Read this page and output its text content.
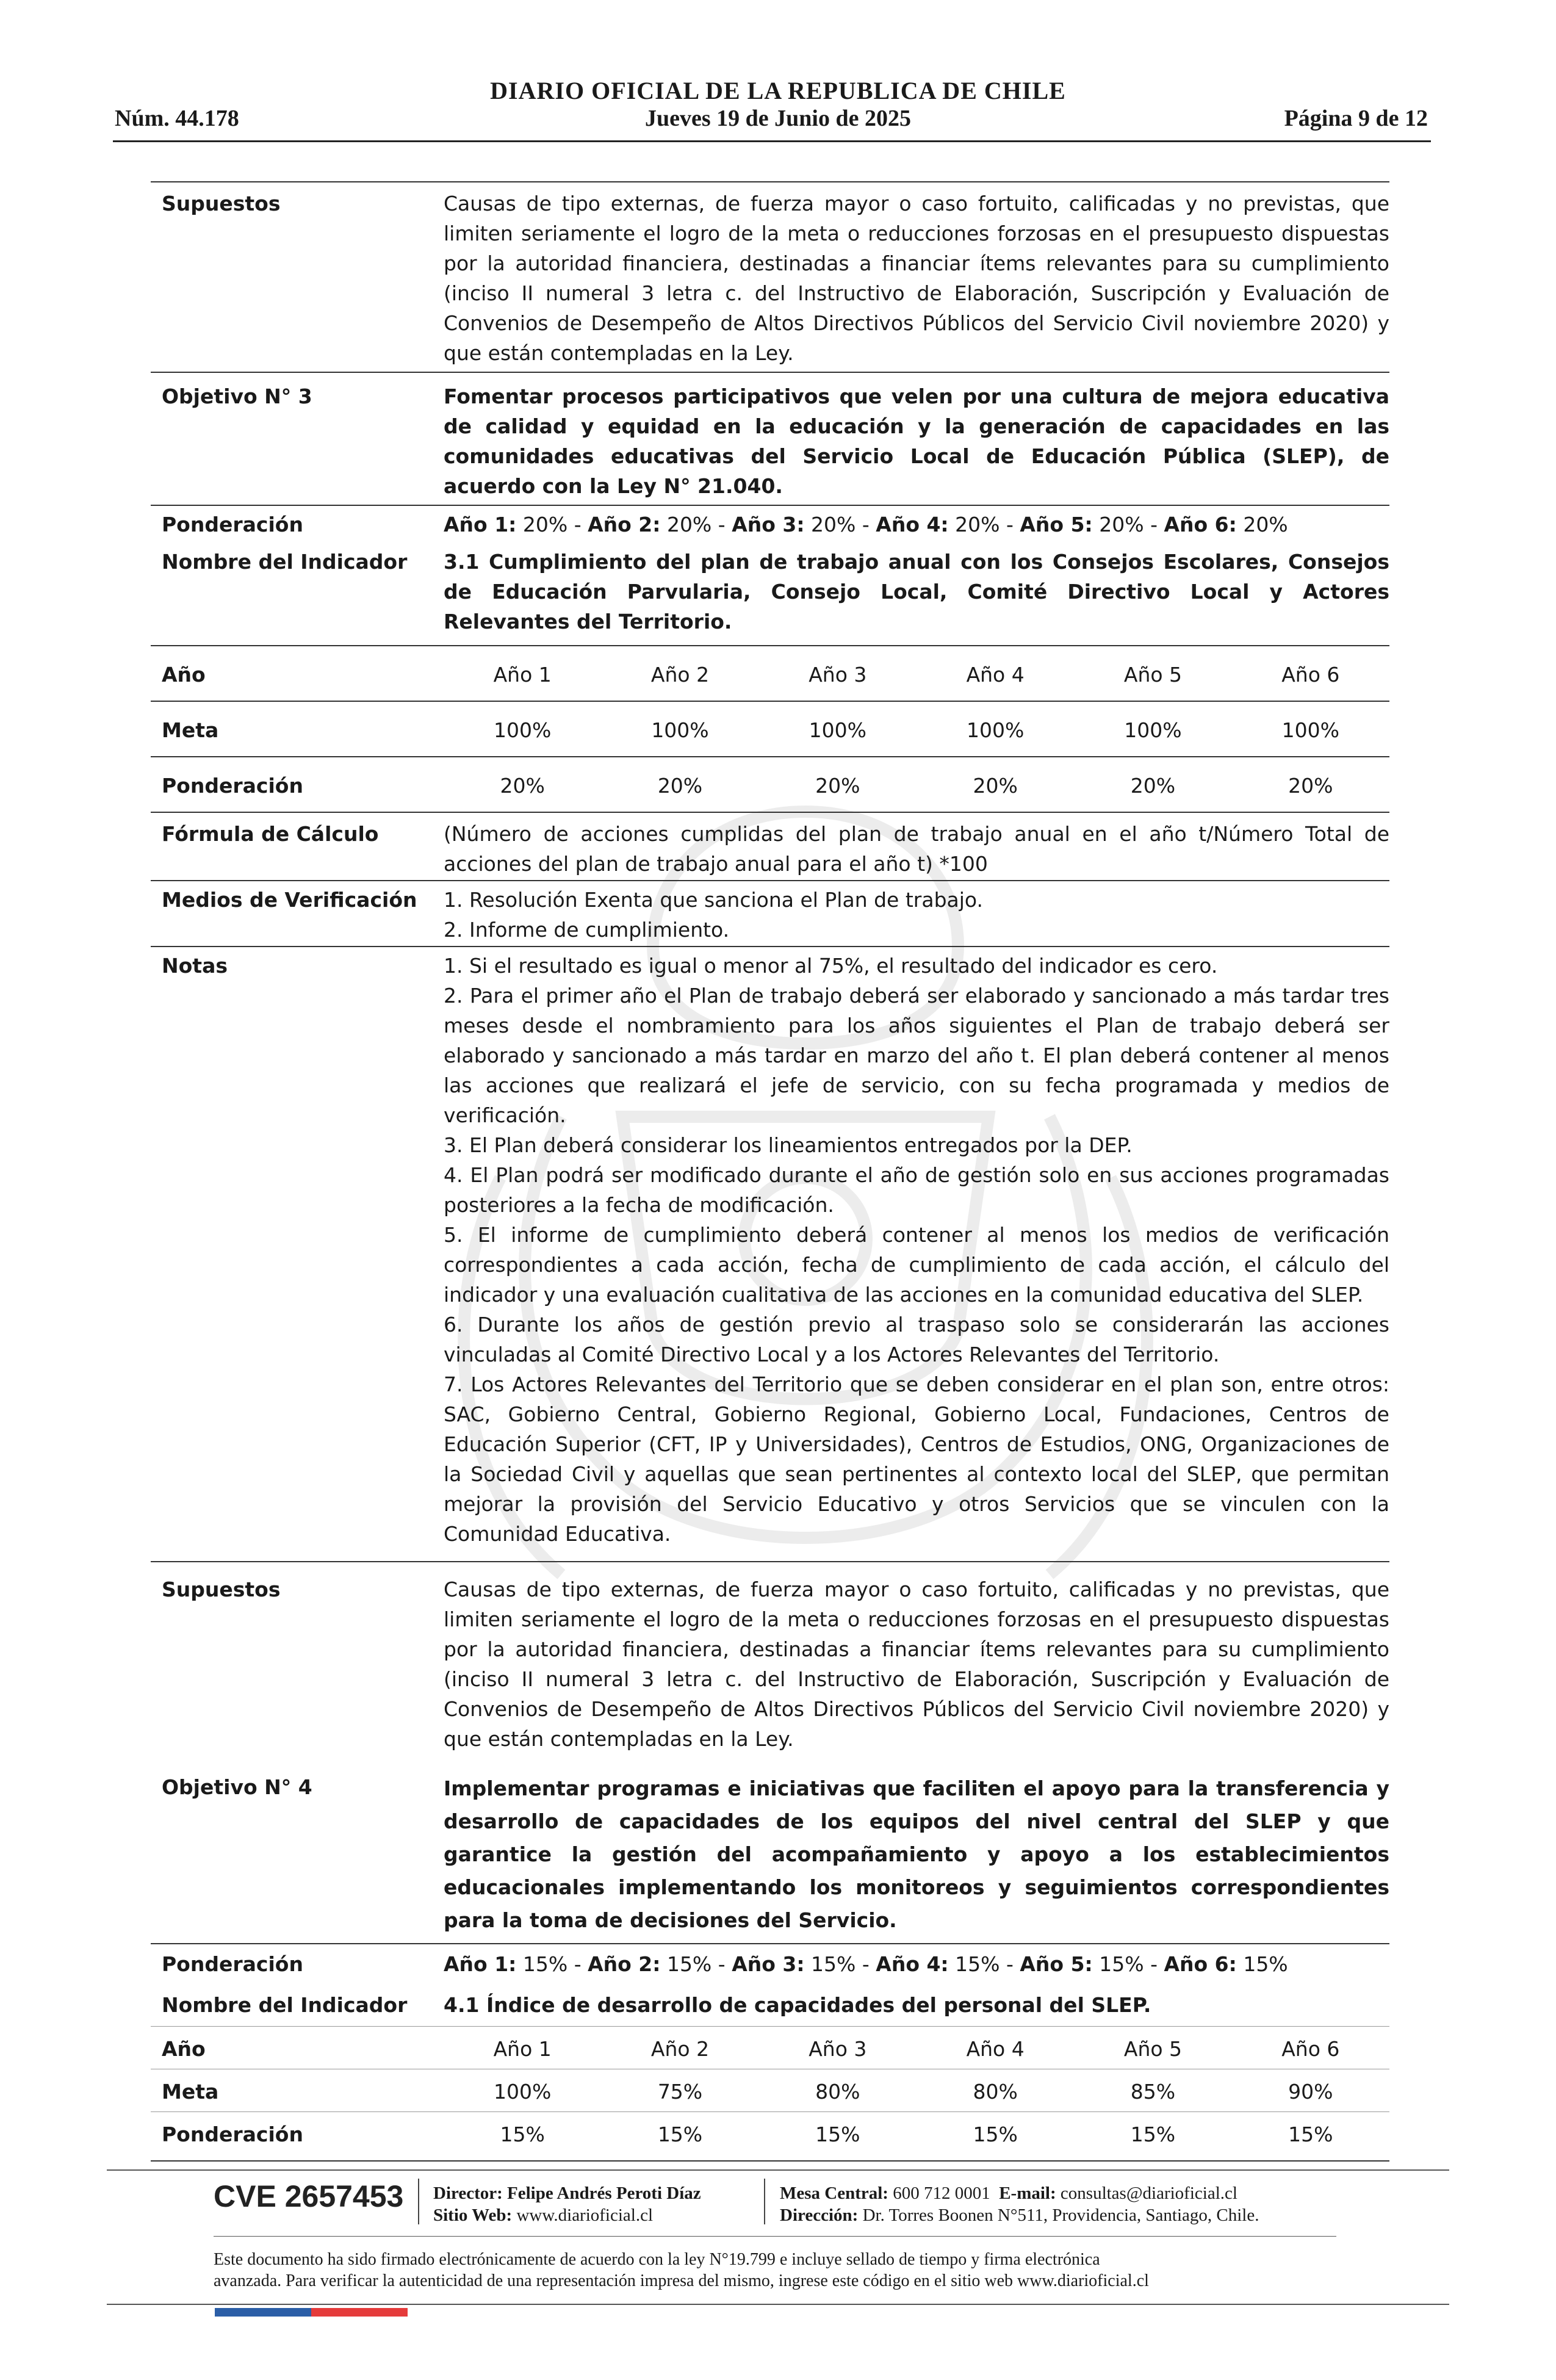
DIARIO OFICIAL DE LA REPUBLICA DE CHILE
Núm. 44.178	Jueves 19 de Junio de 2025	Página 9 de 12
Supuestos	Causas de tipo externas, de fuerza mayor o caso fortuito, calificadas y no previstas, que limiten seriamente el logro de la meta o reducciones forzosas en el presupuesto dispuestas por la autoridad financiera, destinadas a financiar ítems relevantes para su cumplimiento (inciso II numeral 3 letra c. del Instructivo de Elaboración, Suscripción y Evaluación de Convenios de Desempeño de Altos Directivos Públicos del Servicio Civil noviembre 2020) y que están contempladas en la Ley.
Objetivo N° 3	Fomentar procesos participativos que velen por una cultura de mejora educativa de calidad y equidad en la educación y la generación de capacidades en las comunidades educativas del Servicio Local de Educación Pública (SLEP), de acuerdo con la Ley N° 21.040.
Ponderación	Año 1: 20% - Año 2: 20% - Año 3: 20% - Año 4: 20% - Año 5: 20% - Año 6: 20%
Nombre del Indicador	3.1 Cumplimiento del plan de trabajo anual con los Consejos Escolares, Consejos de Educación Parvularia, Consejo Local, Comité Directivo Local y Actores Relevantes del Territorio.
Año	Año 1	Año 2	Año 3	Año 4	Año 5	Año 6
Meta	100%	100%	100%	100%	100%	100%
Ponderación	20%	20%	20%	20%	20%	20%
Fórmula de Cálculo	(Número de acciones cumplidas del plan de trabajo anual en el año t/Número Total de acciones del plan de trabajo anual para el año t) *100
Medios de Verificación	1. Resolución Exenta que sanciona el Plan de trabajo.
2. Informe de cumplimiento.
Notas	1. Si el resultado es igual o menor al 75%, el resultado del indicador es cero.
2. Para el primer año el Plan de trabajo deberá ser elaborado y sancionado a más tardar tres meses desde el nombramiento para los años siguientes el Plan de trabajo deberá ser elaborado y sancionado a más tardar en marzo del año t. El plan deberá contener al menos las acciones que realizará el jefe de servicio, con su fecha programada y medios de verificación.
3. El Plan deberá considerar los lineamientos entregados por la DEP.
4. El Plan podrá ser modificado durante el año de gestión solo en sus acciones programadas posteriores a la fecha de modificación.
5. El informe de cumplimiento deberá contener al menos los medios de verificación correspondientes a cada acción, fecha de cumplimiento de cada acción, el cálculo del indicador y una evaluación cualitativa de las acciones en la comunidad educativa del SLEP.
6. Durante los años de gestión previo al traspaso solo se considerarán las acciones vinculadas al Comité Directivo Local y a los Actores Relevantes del Territorio.
7. Los Actores Relevantes del Territorio que se deben considerar en el plan son, entre otros: SAC, Gobierno Central, Gobierno Regional, Gobierno Local, Fundaciones, Centros de Educación Superior (CFT, IP y Universidades), Centros de Estudios, ONG, Organizaciones de la Sociedad Civil y aquellas que sean pertinentes al contexto local del SLEP, que permitan mejorar la provisión del Servicio Educativo y otros Servicios que se vinculen con la Comunidad Educativa.
Supuestos	Causas de tipo externas, de fuerza mayor o caso fortuito, calificadas y no previstas, que limiten seriamente el logro de la meta o reducciones forzosas en el presupuesto dispuestas por la autoridad financiera, destinadas a financiar ítems relevantes para su cumplimiento (inciso II numeral 3 letra c. del Instructivo de Elaboración, Suscripción y Evaluación de Convenios de Desempeño de Altos Directivos Públicos del Servicio Civil noviembre 2020) y que están contempladas en la Ley.
Objetivo N° 4	Implementar programas e iniciativas que faciliten el apoyo para la transferencia y desarrollo de capacidades de los equipos del nivel central del SLEP y que garantice la gestión del acompañamiento y apoyo a los establecimientos educacionales implementando los monitoreos y seguimientos correspondientes para la toma de decisiones del Servicio.
Ponderación	Año 1: 15% - Año 2: 15% - Año 3: 15% - Año 4: 15% - Año 5: 15% - Año 6: 15%
Nombre del Indicador	4.1 Índice de desarrollo de capacidades del personal del SLEP.
Año	Año 1	Año 2	Año 3	Año 4	Año 5	Año 6
Meta	100%	75%	80%	80%	85%	90%
Ponderación	15%	15%	15%	15%	15%	15%
CVE 2657453 Director: Felipe Andrés Peroti Díaz
Sitio Web: www.diarioficial.cl
Mesa Central: 600 712 0001 E-mail: consultas@diarioficial.cl
Dirección: Dr. Torres Boonen N°511, Providencia, Santiago, Chile.
Este documento ha sido firmado electrónicamente de acuerdo con la ley N°19.799 e incluye sellado de tiempo y firma electrónica
avanzada. Para verificar la autenticidad de una representación impresa del mismo, ingrese este código en el sitio web www.diarioficial.cl
